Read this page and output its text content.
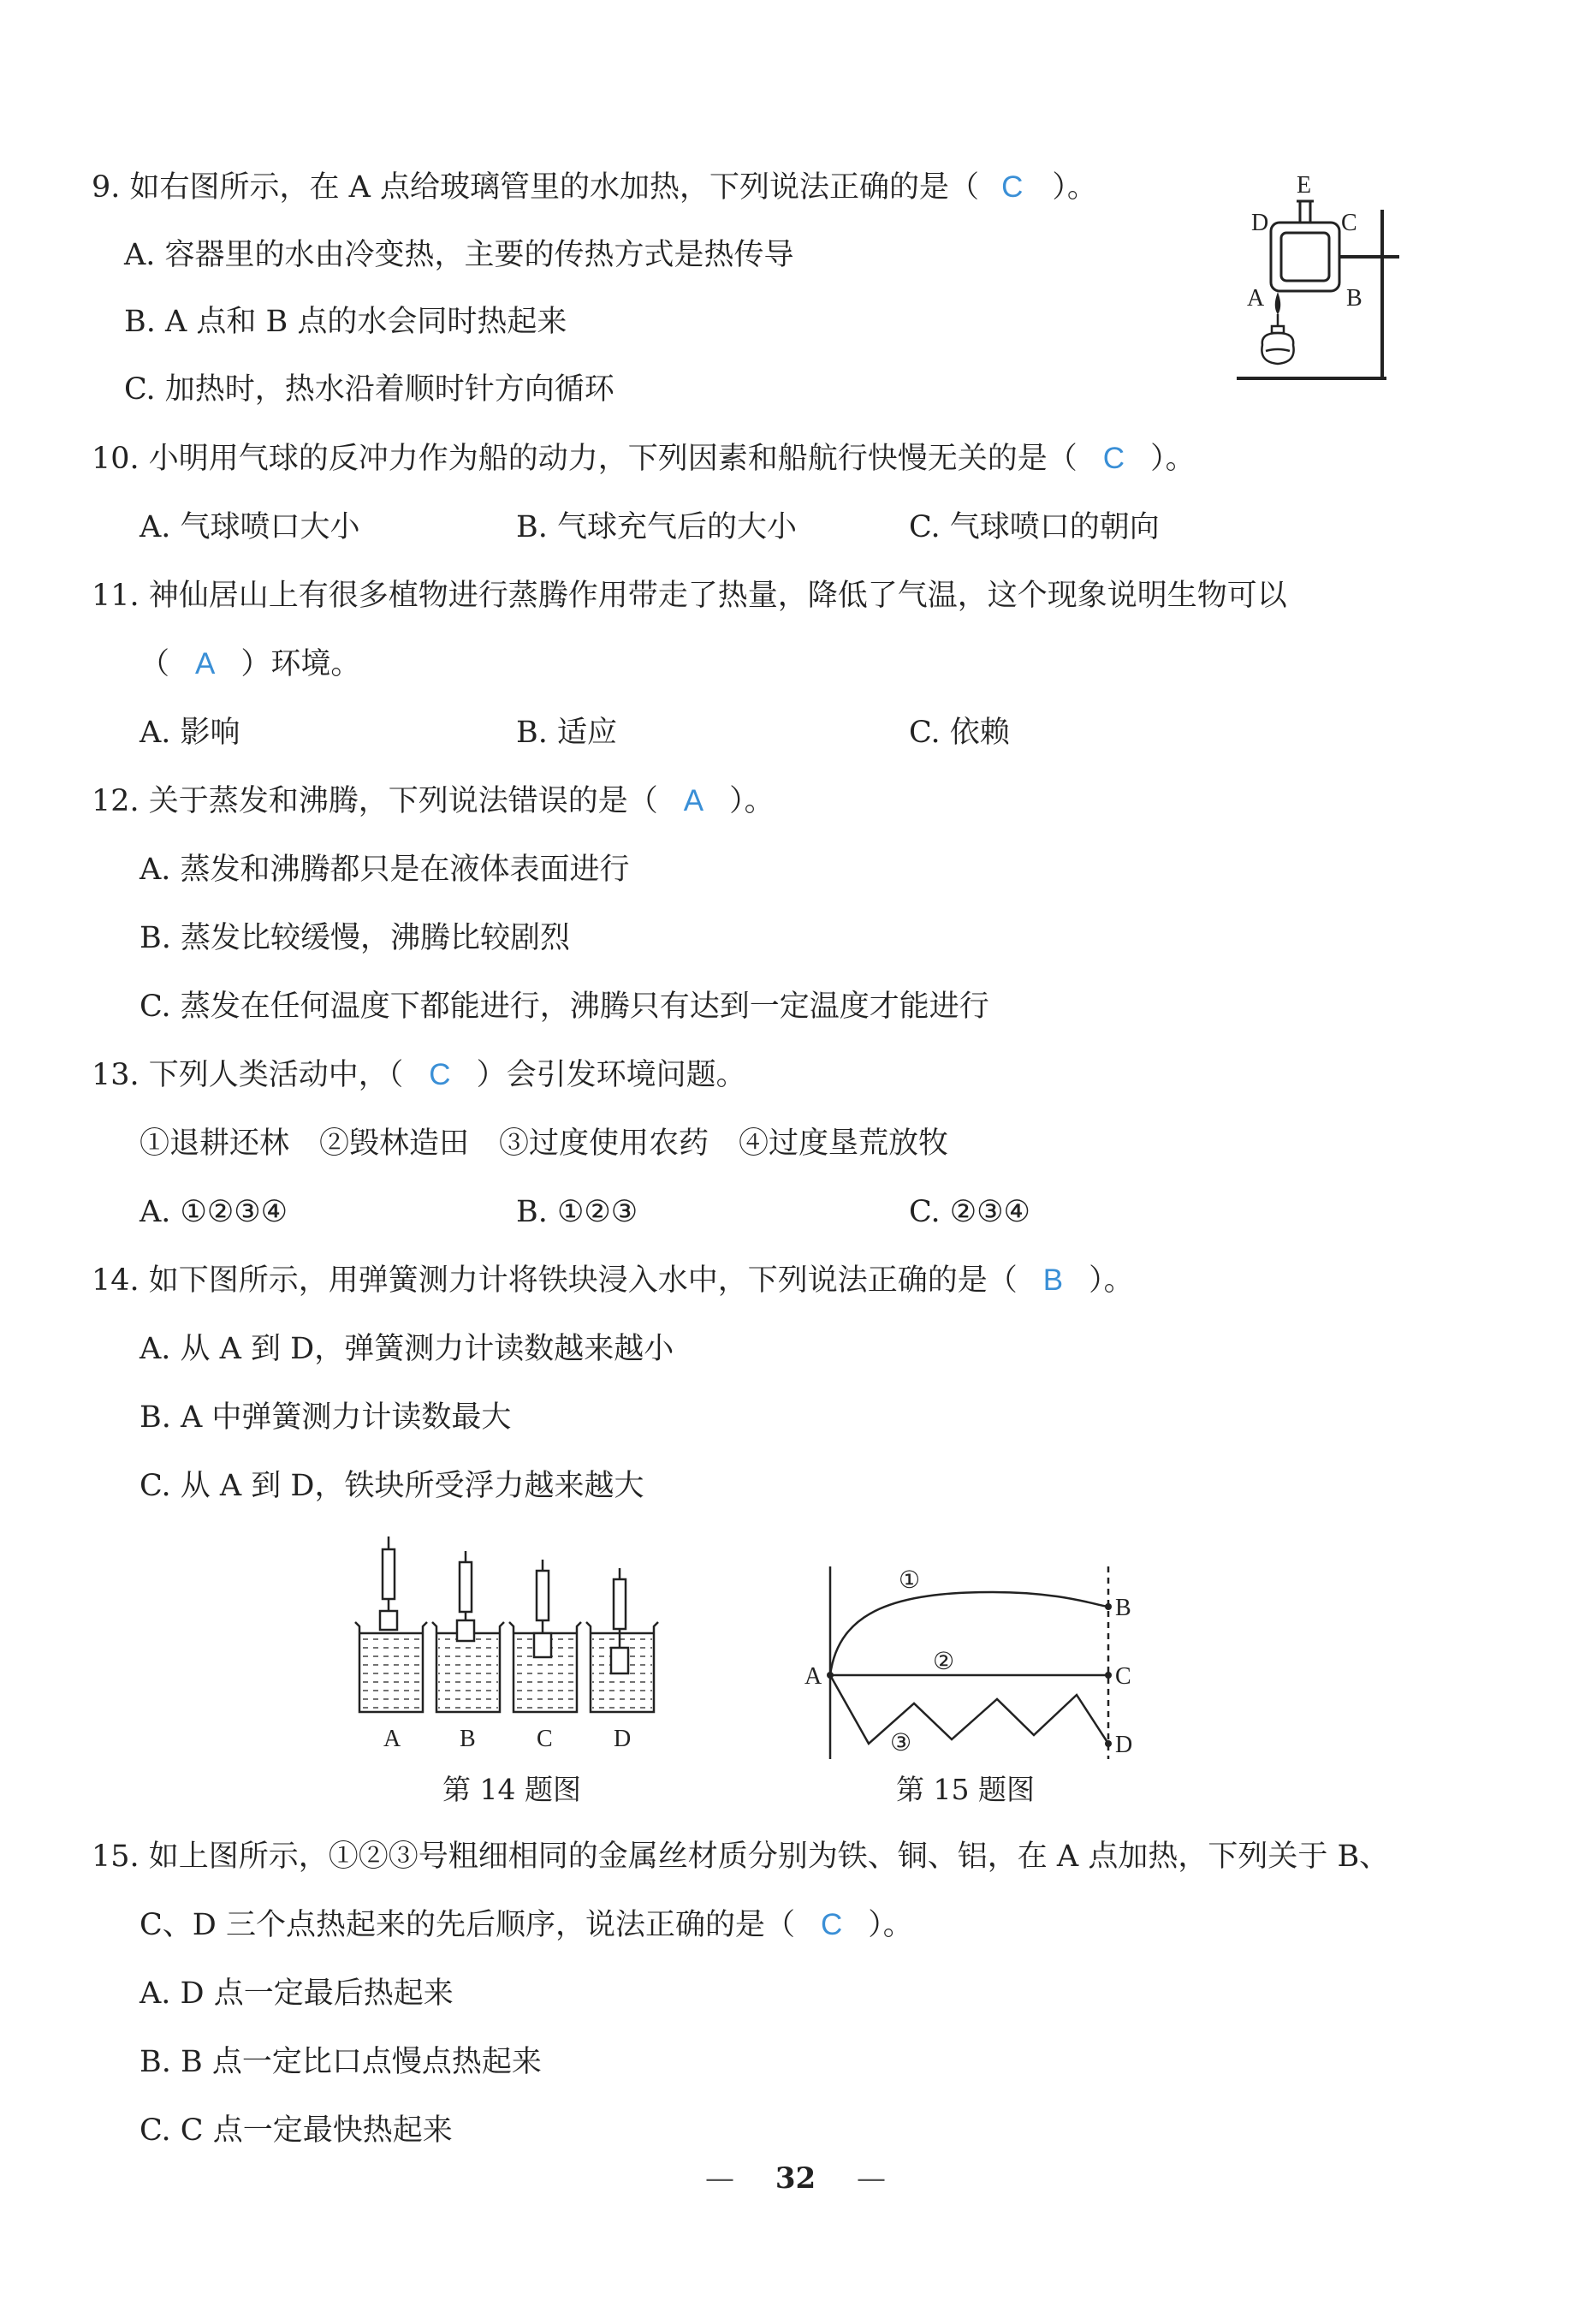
9. 如右图所示，在 A 点给玻璃管里的水加热，下列说法正确的是（ C ）。
A. 容器里的水由冷变热，主要的传热方式是热传导
B. A 点和 B 点的水会同时热起来
C. 加热时，热水沿着顺时针方向循环
E
D	C
A	B
10. 小明用气球的反冲力作为船的动力，下列因素和船航行快慢无关的是（ C ）。
A. 气球喷口大小	B. 气球充气后的大小	C. 气球喷口的朝向
11. 神仙居山上有很多植物进行蒸腾作用带走了热量，降低了气温，这个现象说明生物可以
（ A ）环境。
A. 影响	B. 适应	C. 依赖
12. 关于蒸发和沸腾，下列说法错误的是（ A ）。
A. 蒸发和沸腾都只是在液体表面进行
B. 蒸发比较缓慢，沸腾比较剧烈
C. 蒸发在任何温度下都能进行，沸腾只有达到一定温度才能进行
13. 下列人类活动中，（ C ）会引发环境问题。
①退耕还林　②毁林造田　③过度使用农药　④过度垦荒放牧
A. ①②③④	B. ①②③	C. ②③④
14. 如下图所示，用弹簧测力计将铁块浸入水中，下列说法正确的是（ B ）。
A. 从 A 到 D，弹簧测力计读数越来越小
B. A 中弹簧测力计读数最大
C. 从 A 到 D，铁块所受浮力越来越大
A B	C	D
第 14 题图
A
B
C
D
①
②
③
第 15 题图
15. 如上图所示，①②③号粗细相同的金属丝材质分别为铁、铜、铝，在 A 点加热，下列关于 B、
C、D 三个点热起来的先后顺序，说法正确的是（ C ）。
A. D 点一定最后热起来
B. B 点一定比口点慢点热起来
C. C 点一定最快热起来
— 32 —
